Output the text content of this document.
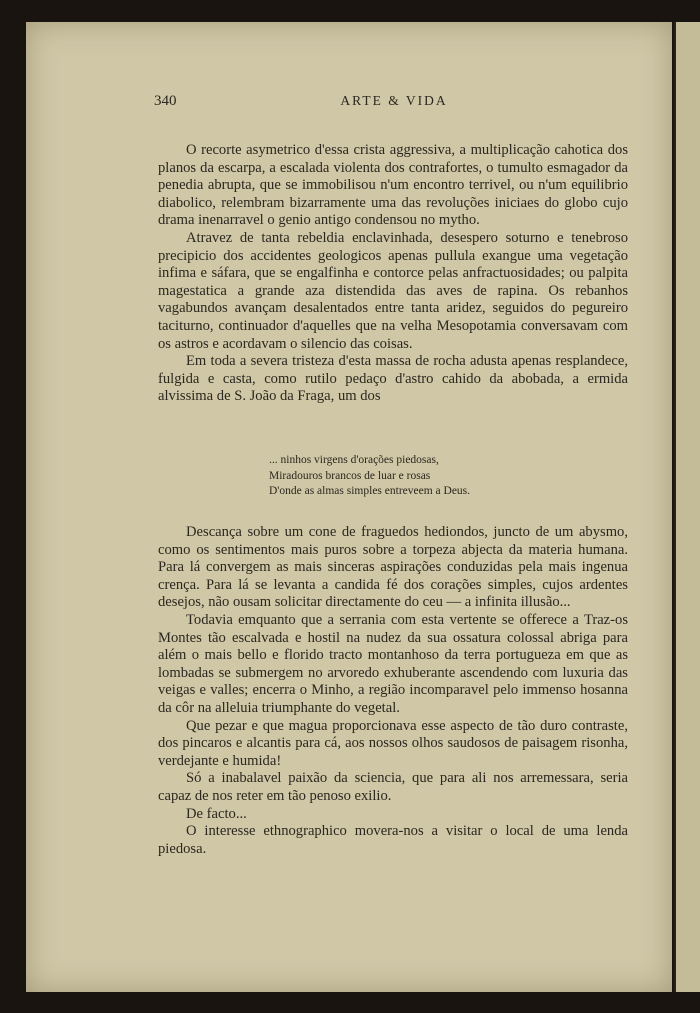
340	ARTE & VIDA

O recorte asymetrico d'essa crista aggressiva, a multiplicação cahotica dos planos da escarpa, a escalada violenta dos contrafortes, o tumulto esmagador da penedia abrupta, que se immobilisou n'um encontro terrivel, ou n'um equilibrio diabolico, relembram bizarramente uma das revoluções iniciaes do globo cujo drama inenarravel o genio antigo condensou no mytho.

Atravez de tanta rebeldia enclavinhada, desespero soturno e tenebroso precipicio dos accidentes geologicos apenas pullula exangue uma vegetação infima e sáfara, que se engalfinha e contorce pelas anfractuosidades; ou palpita magestatica a grande aza distendida das aves de rapina. Os rebanhos vagabundos avançam desalentados entre tanta aridez, seguidos do pegureiro taciturno, continuador d'aquelles que na velha Mesopotamia conversavam com os astros e acordavam o silencio das coisas.

Em toda a severa tristeza d'esta massa de rocha adusta apenas resplandece, fulgida e casta, como rutilo pedaço d'astro cahido da abobada, a ermida alvissima de S. João da Fraga, um dos

... ninhos virgens d'orações piedosas,
Miradouros brancos de luar e rosas
D'onde as almas simples entreveem a Deus.

Descança sobre um cone de fraguedos hediondos, juncto de um abysmo, como os sentimentos mais puros sobre a torpeza abjecta da materia humana. Para lá convergem as mais sinceras aspirações conduzidas pela mais ingenua crença. Para lá se levanta a candida fé dos corações simples, cujos ardentes desejos, não ousam solicitar directamente do ceu — a infinita illusão...

Todavia emquanto que a serrania com esta vertente se offerece a Traz-os Montes tão escalvada e hostil na nudez da sua ossatura colossal abriga para além o mais bello e florido tracto montanhoso da terra portugueza em que as lombadas se submergem no arvoredo exhuberante ascendendo com luxuria das veigas e valles; encerra o Minho, a região incomparavel pelo immenso hosanna da côr na alleluia triumphante do vegetal.

Que pezar e que magua proporcionava esse aspecto de tão duro contraste, dos pincaros e alcantis para cá, aos nossos olhos saudosos de paisagem risonha, verdejante e humida!

Só a inabalavel paixão da sciencia, que para ali nos arremessara, seria capaz de nos reter em tão penoso exilio.

De facto...

O interesse ethnographico movera-nos a visitar o local de uma lenda piedosa.
